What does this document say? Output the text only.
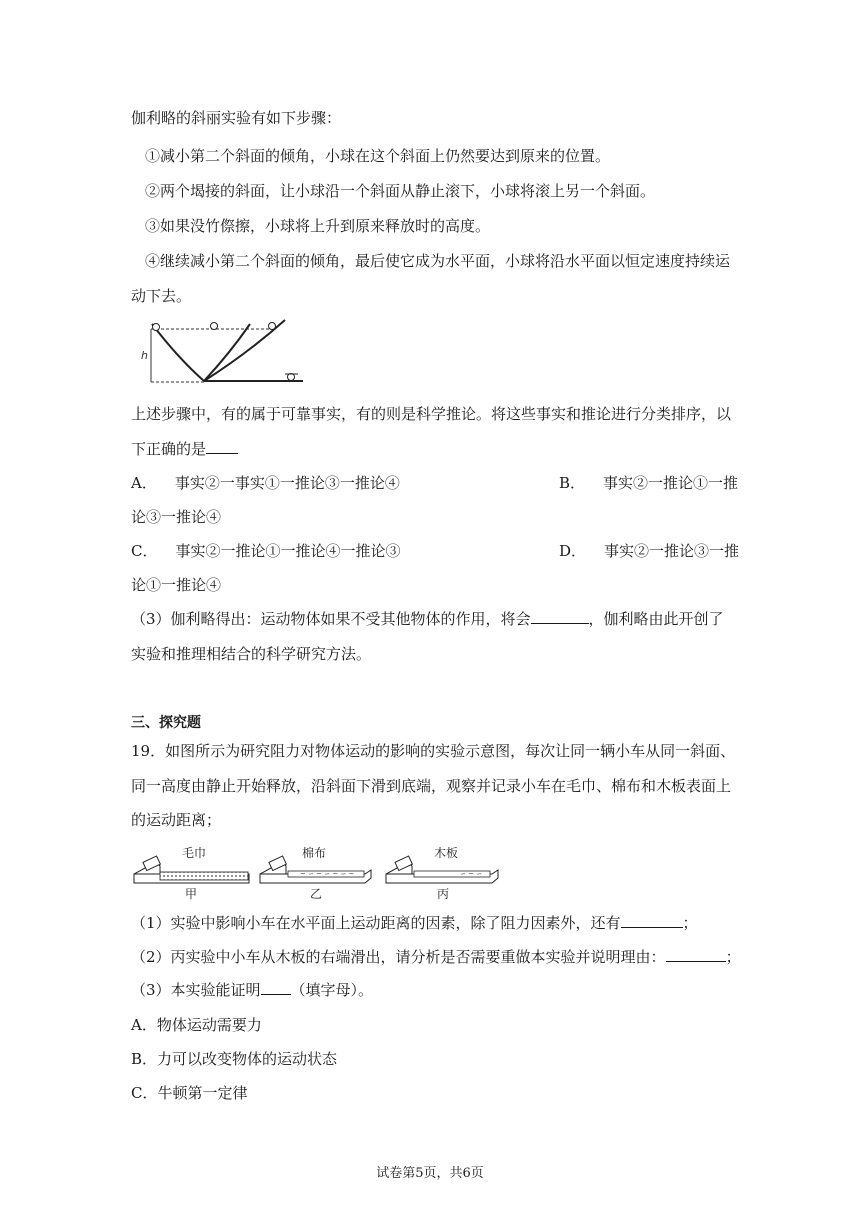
伽利略的斜丽实验有如下步骤：
①减小第二个斜面的倾角，小球在这个斜面上仍然要达到原来的位置。
②两个堨接的斜面，让小球沿一个斜面从静止滚下，小球将滚上另一个斜面。
③如果没竹傺擦，小球将上升到原来释放时的高度。
④继续减小第二个斜面的倾角，最后使它成为水平面，小球将沿水平面以恒定速度持续运
动下去。
h
上述步骤中，有的属于可靠事实，有的则是科学推论。将这些事实和推论进行分类排序，以
下正确的是
A． 事实②一事实①一推论③一推论④	B． 事实②一推论①一推
论③一推论④
C． 事实②一推论①一推论④一推论③	D． 事实②一推论③一推
论①一推论④
（3）伽利略得出：运动物体如果不受其他物体的作用，将会	，伽利略由此开创了
实验和推理相结合的科学研究方法。
三、探究题
19．如图所示为研究阻力对物体运动的影响的实验示意图，每次让同一辆小车从同一斜面、
同一高度由静止开始释放，沿斜面下滑到底端，观察并记录小车在毛巾、棉布和木板表面上
的运动距离；
毛巾
甲
~ ∽ ~ ∽ ~ ∽ ~
棉布
乙
∽ ~ ∽
木板
丙
（1）实验中影响小车在水平面上运动距离的因素，除了阻力因素外，还有	；
（2）丙实验中小车从木板的右端滑出，请分析是否需要重做本实验并说明理由：	；
（3）本实验能证明 （填字母）。
A．物体运动需要力
B．力可以改变物体的运动状态
C．牛顿第一定律
试卷第5页，共6页
